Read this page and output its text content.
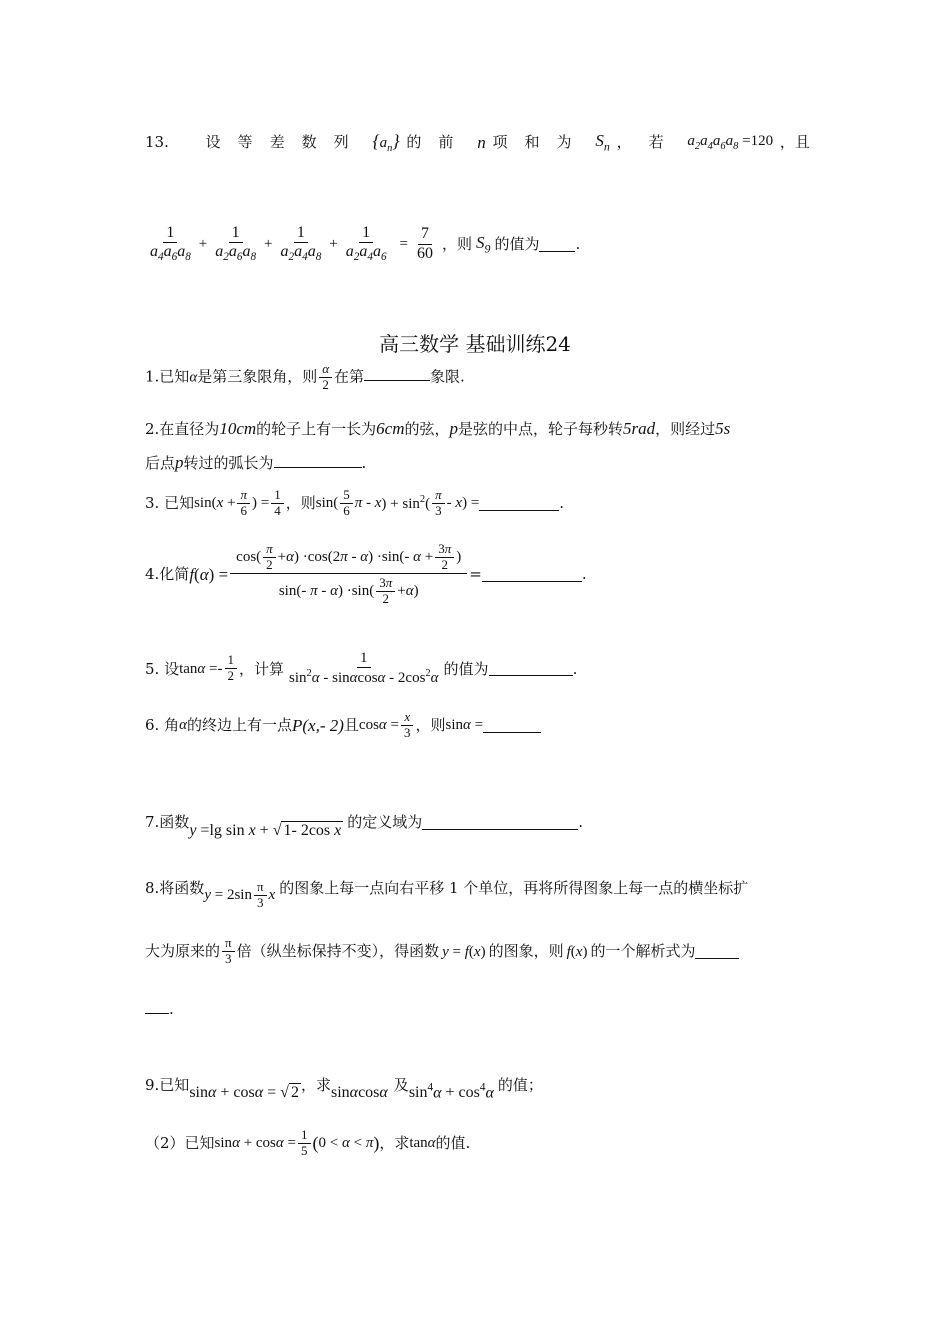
13. 设等差数列 $\{a_n\}$ 的前 n 项和为 $S_n$ ，若 $a_2a_4a_6a_8 =120$ ，且
$\frac{1}{a_4a_6a_8} + \frac{1}{a_2a_6a_8} + \frac{1}{a_2a_4a_8} + \frac{1}{a_2a_4a_6} = \frac{7}{60}$ ，则 $S_9$ 的值为 .
高三数学 基础训练24
1.已知α是第三象限角，则 $\frac{\alpha}{2}$ 在第	象限.
2.在直径为10cm的轮子上有一长为6cm的弦，p是弦的中点，轮子每秒转5rad，则经过5s
后点p转过的弧长为	.
3. 已知 sin( $x + \frac{\pi}{6}$ ) = $\frac{1}{4}$ ，则 $\sin( \frac{5}{6}$ π - x ) + $\sin^2( \frac{\pi}{3}$ - x ) =	.
4.化简 f ( α ) = $\frac{\cos( \frac{\pi}{2} + \alpha ) \cdot\cos(2 \pi - \alpha ) \cdot\sin(- \alpha + \frac{3\pi}{2} )}{\sin(- \pi - \alpha ) \cdot\sin( \frac{3\pi}{2} + \alpha )}$ =	.
5. 设 $\tan \alpha =- \frac{1}{2}$ ，计算 $\frac{1}{\sin^2\alpha - \sin\alpha\cos\alpha - 2\cos^2\alpha}$ 的值为	.
6. 角 α 的终边上有一点 P(x,- 2) 且 $\cos \alpha = \frac{x}{3}$ ，则 sin α =
7.函数 y =lg sin x + √ 1- 2cos x 的定义域为	.
8.将函数 $y = 2\sin \frac{\pi}{3}$ x 的图象上每一点向右平移 1 个单位，再将所得图象上每一点的横坐标扩
大为原来的 $\frac{\pi}{3}$ 倍（纵坐标保持不变），得函数 y = f(x) 的图象，则 f(x) 的一个解析式为
.
9.已知 sinα + cosα = √ 2 ，求 sinαcosα 及 $\sin^4\alpha + \cos^4\alpha$ 的值；
（2）已知 $\sin \alpha + \cos \alpha = \frac{1}{5}$ ( 0 < α < π ) ，求 tan α 的值.
